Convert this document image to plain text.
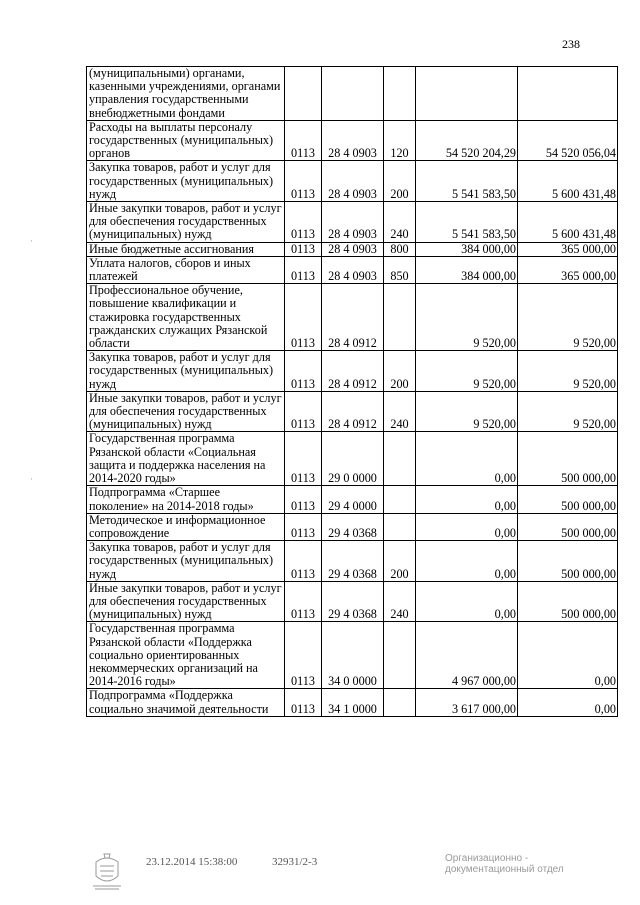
238
(муниципальными) органами, казенными учреждениями, органами управления государственными внебюджетными фондами					
Расходы на выплаты персоналу государственных (муниципальных) органов	0113	28 4 0903	120	54 520 204,29	54 520 056,04
Закупка товаров, работ и услуг для государственных (муниципальных) нужд	0113	28 4 0903	200	5 541 583,50	5 600 431,48
Иные закупки товаров, работ и услуг для обеспечения государственных (муниципальных) нужд	0113	28 4 0903	240	5 541 583,50	5 600 431,48
Иные бюджетные ассигнования	0113	28 4 0903	800	384 000,00	365 000,00
Уплата налогов, сборов и иных платежей	0113	28 4 0903	850	384 000,00	365 000,00
Профессиональное обучение, повышение квалификации и стажировка государственных гражданских служащих Рязанской области	0113	28 4 0912		9 520,00	9 520,00
Закупка товаров, работ и услуг для государственных (муниципальных) нужд	0113	28 4 0912	200	9 520,00	9 520,00
Иные закупки товаров, работ и услуг для обеспечения государственных (муниципальных) нужд	0113	28 4 0912	240	9 520,00	9 520,00
Государственная программа Рязанской области «Социальная защита и поддержка населения на 2014-2020 годы»	0113	29 0 0000		0,00	500 000,00
Подпрограмма «Старшее поколение» на 2014-2018 годы»	0113	29 4 0000		0,00	500 000,00
Методическое и информационное сопровождение	0113	29 4 0368		0,00	500 000,00
Закупка товаров, работ и услуг для государственных (муниципальных) нужд	0113	29 4 0368	200	0,00	500 000,00
Иные закупки товаров, работ и услуг для обеспечения государственных (муниципальных) нужд	0113	29 4 0368	240	0,00	500 000,00
Государственная программа Рязанской области «Поддержка социально ориентированных некоммерческих организаций на 2014-2016 годы»	0113	34 0 0000		4 967 000,00	0,00
Подпрограмма «Поддержка социально значимой деятельности	0113	34 1 0000		3 617 000,00	0,00
·
·
23.12.2014 15:38:00	32931/2-3	Организационно -
документационный отдел
